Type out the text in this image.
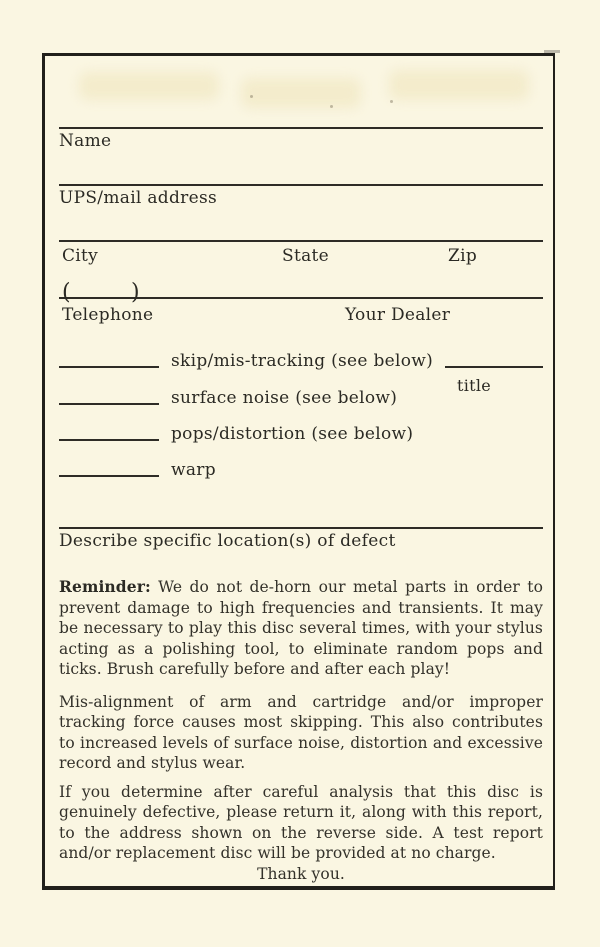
Name
UPS/mail address
City	State	Zip
(	)
Telephone	Your Dealer
skip/mis-tracking (see below)
title
surface noise (see below)
pops/distortion (see below)
warp
Describe specific location(s) of defect

Reminder: We do not de-horn our metal parts in order to prevent damage to high frequencies and transients. It may be necessary to play this disc several times, with your stylus acting as a polishing tool, to eliminate random pops and ticks. Brush carefully before and after each play!

Mis-alignment of arm and cartridge and/or improper tracking force causes most skipping. This also contributes to increased levels of surface noise, distortion and excessive record and stylus wear.

If you determine after careful analysis that this disc is genuinely defective, please return it, along with this report, to the address shown on the reverse side. A test report and/or replacement disc will be provided at no charge.

Thank you.
